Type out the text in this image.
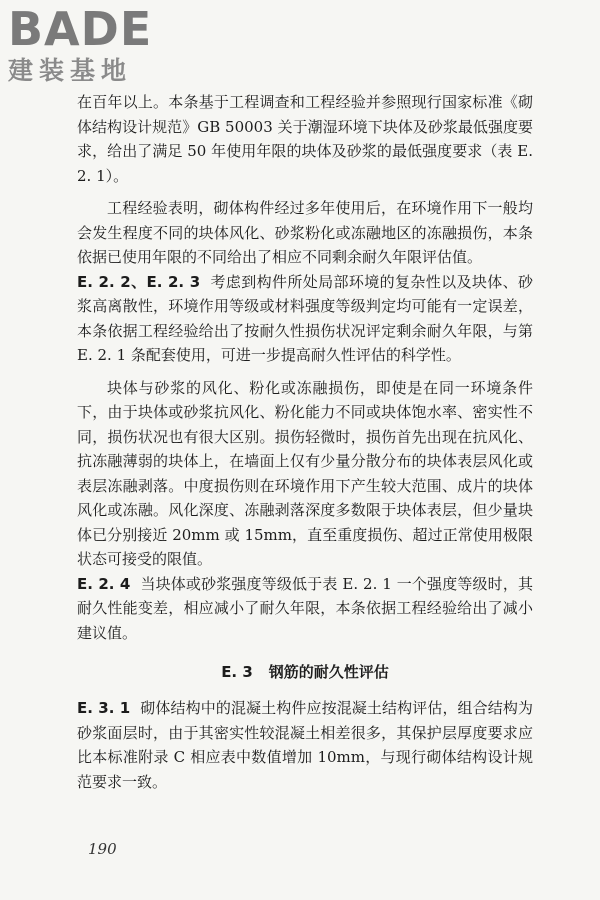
BADE
建装基地

在百年以上。本条基于工程调查和工程经验并参照现行国家标准《砌体结构设计规范》GB 50003 关于潮湿环境下块体及砂浆最低强度要求，给出了满足 50 年使用年限的块体及砂浆的最低强度要求（表 E. 2. 1）。

工程经验表明，砌体构件经过多年使用后，在环境作用下一般均会发生程度不同的块体风化、砂浆粉化或冻融地区的冻融损伤，本条依据已使用年限的不同给出了相应不同剩余耐久年限评估值。

E. 2. 2、E. 2. 3 考虑到构件所处局部环境的复杂性以及块体、砂浆高离散性，环境作用等级或材料强度等级判定均可能有一定误差，本条依据工程经验给出了按耐久性损伤状况评定剩余耐久年限，与第 E. 2. 1 条配套使用，可进一步提高耐久性评估的科学性。

块体与砂浆的风化、粉化或冻融损伤，即使是在同一环境条件下，由于块体或砂浆抗风化、粉化能力不同或块体饱水率、密实性不同，损伤状况也有很大区别。损伤轻微时，损伤首先出现在抗风化、抗冻融薄弱的块体上，在墙面上仅有少量分散分布的块体表层风化或表层冻融剥落。中度损伤则在环境作用下产生较大范围、成片的块体风化或冻融。风化深度、冻融剥落深度多数限于块体表层，但少量块体已分别接近 20mm 或 15mm，直至重度损伤、超过正常使用极限状态可接受的限值。

E. 2. 4 当块体或砂浆强度等级低于表 E. 2. 1 一个强度等级时，其耐久性能变差，相应减小了耐久年限，本条依据工程经验给出了减小建议值。

E. 3 钢筋的耐久性评估

E. 3. 1 砌体结构中的混凝土构件应按混凝土结构评估，组合结构为砂浆面层时，由于其密实性较混凝土相差很多，其保护层厚度要求应比本标准附录 C 相应表中数值增加 10mm，与现行砌体结构设计规范要求一致。

190
